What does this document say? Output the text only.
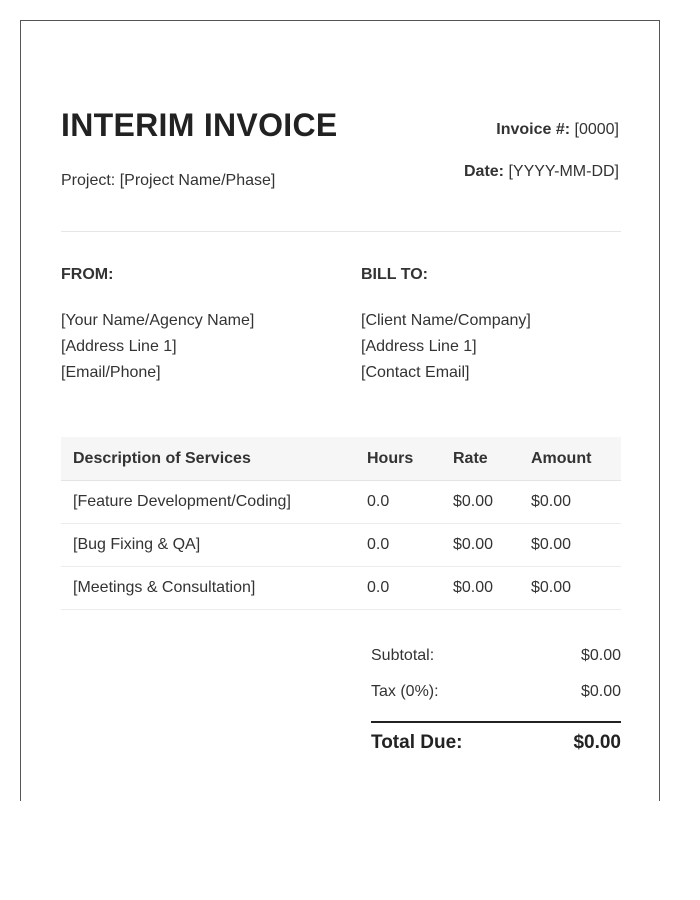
INTERIM INVOICE
Project: [Project Name/Phase]
Invoice #: [0000]
Date: [YYYY-MM-DD]
FROM:
[Your Name/Agency Name]
[Address Line 1]
[Email/Phone]
BILL TO:
[Client Name/Company]
[Address Line 1]
[Contact Email]
Description of Services	Hours	Rate	Amount
[Feature Development/Coding]	0.0	$0.00	$0.00
[Bug Fixing & QA]	0.0	$0.00	$0.00
[Meetings & Consultation]	0.0	$0.00	$0.00
Subtotal:	$0.00
Tax (0%):	$0.00
Total Due:	$0.00
